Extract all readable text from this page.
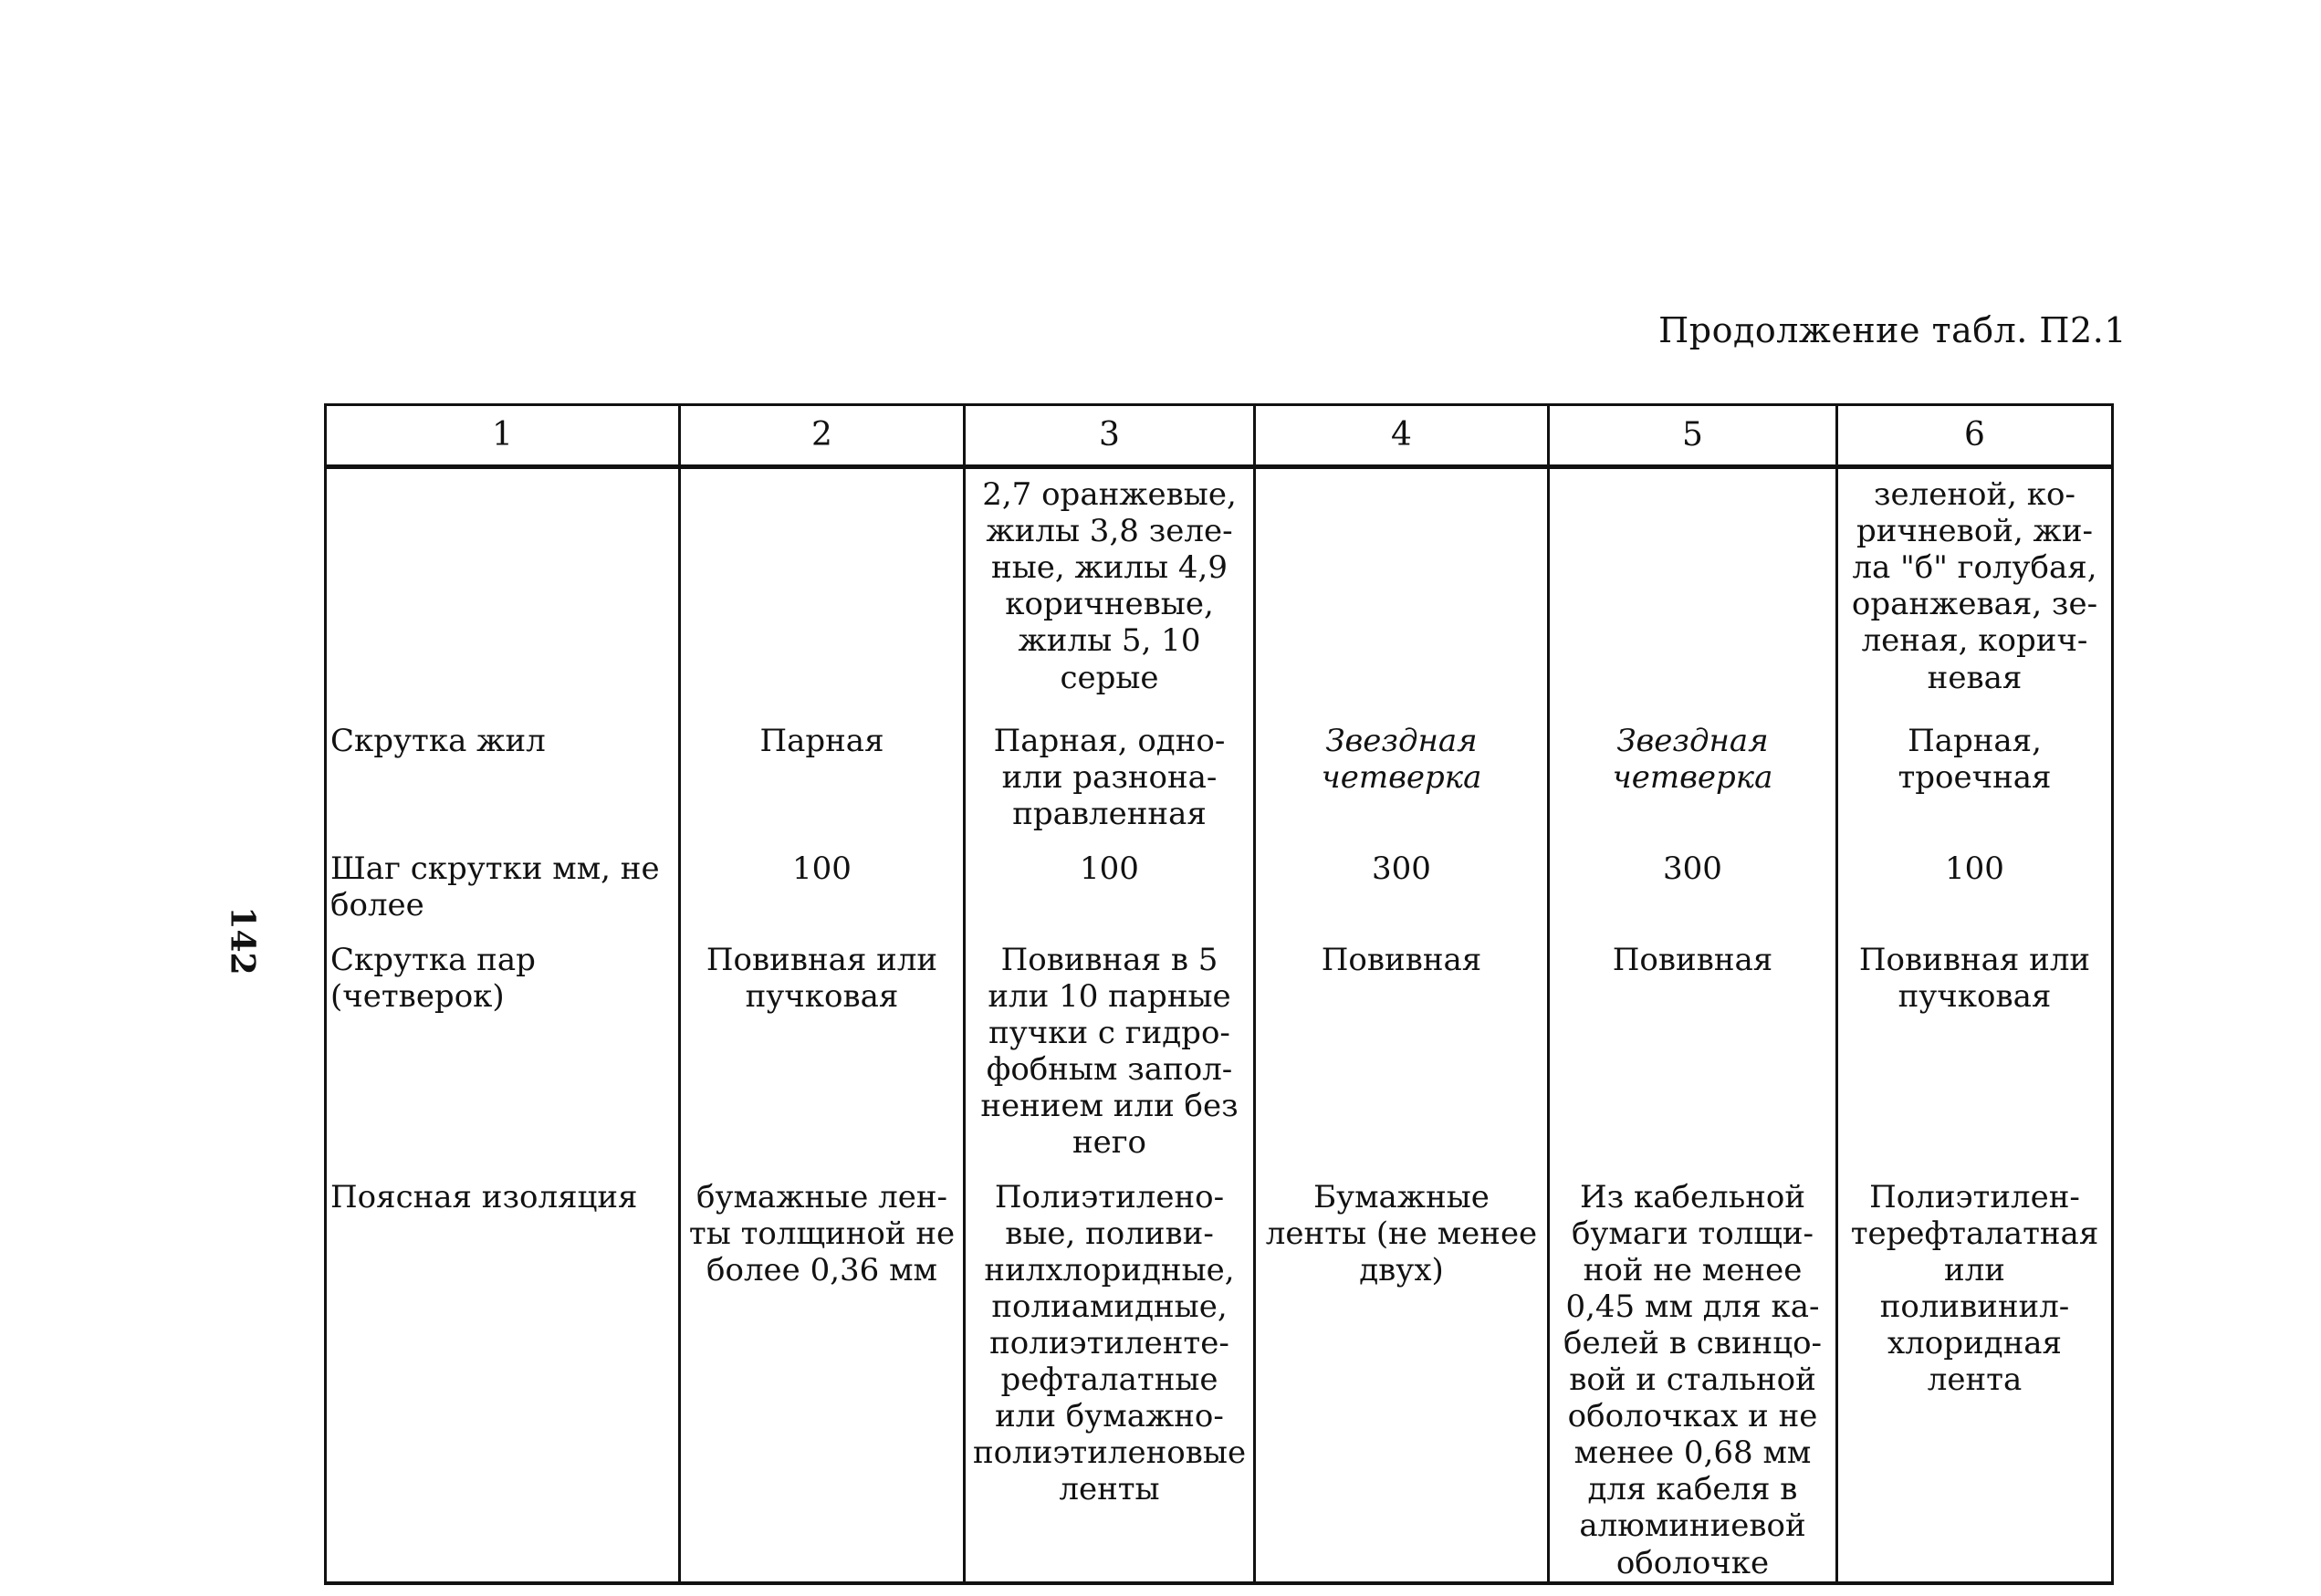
Продолжение табл. П2.1
142
1	2	3	4	5	6
		2,7 оранжевые, жилы 3,8 зеле-ные, жилы 4,9 коричневые, жилы 5, 10 серые			зеленой, ко-ричневой, жи-ла "б" голубая, оранжевая, зе-леная, корич-невая
Скрутка жил	Парная	Парная, одно- или разнона-правленная	Звездная четверка	Звездная четверка	Парная, троечная
Шаг скрутки мм, не более	100	100	300	300	100
Скрутка пар (четверок)	Повивная или пучковая	Повивная в 5 или 10 парные пучки с гидро-фобным запол-нением или без него	Повивная	Повивная	Повивная или пучковая
Поясная изоляция	бумажные лен-ты толщиной не более 0,36 мм	Полиэтилено-вые, поливи-нилхлоридные, полиамидные, полиэтиленте-рефталатные или бумажно-полиэтиленовые ленты	Бумажные ленты (не менее двух)	Из кабельной бумаги толщи-ной не менее 0,45 мм для ка-белей в свинцо-вой и стальной оболочках и не менее 0,68 мм для кабеля в алюминиевой оболочке	Полиэтилен-терефталатная или поливинил-хлоридная лента
